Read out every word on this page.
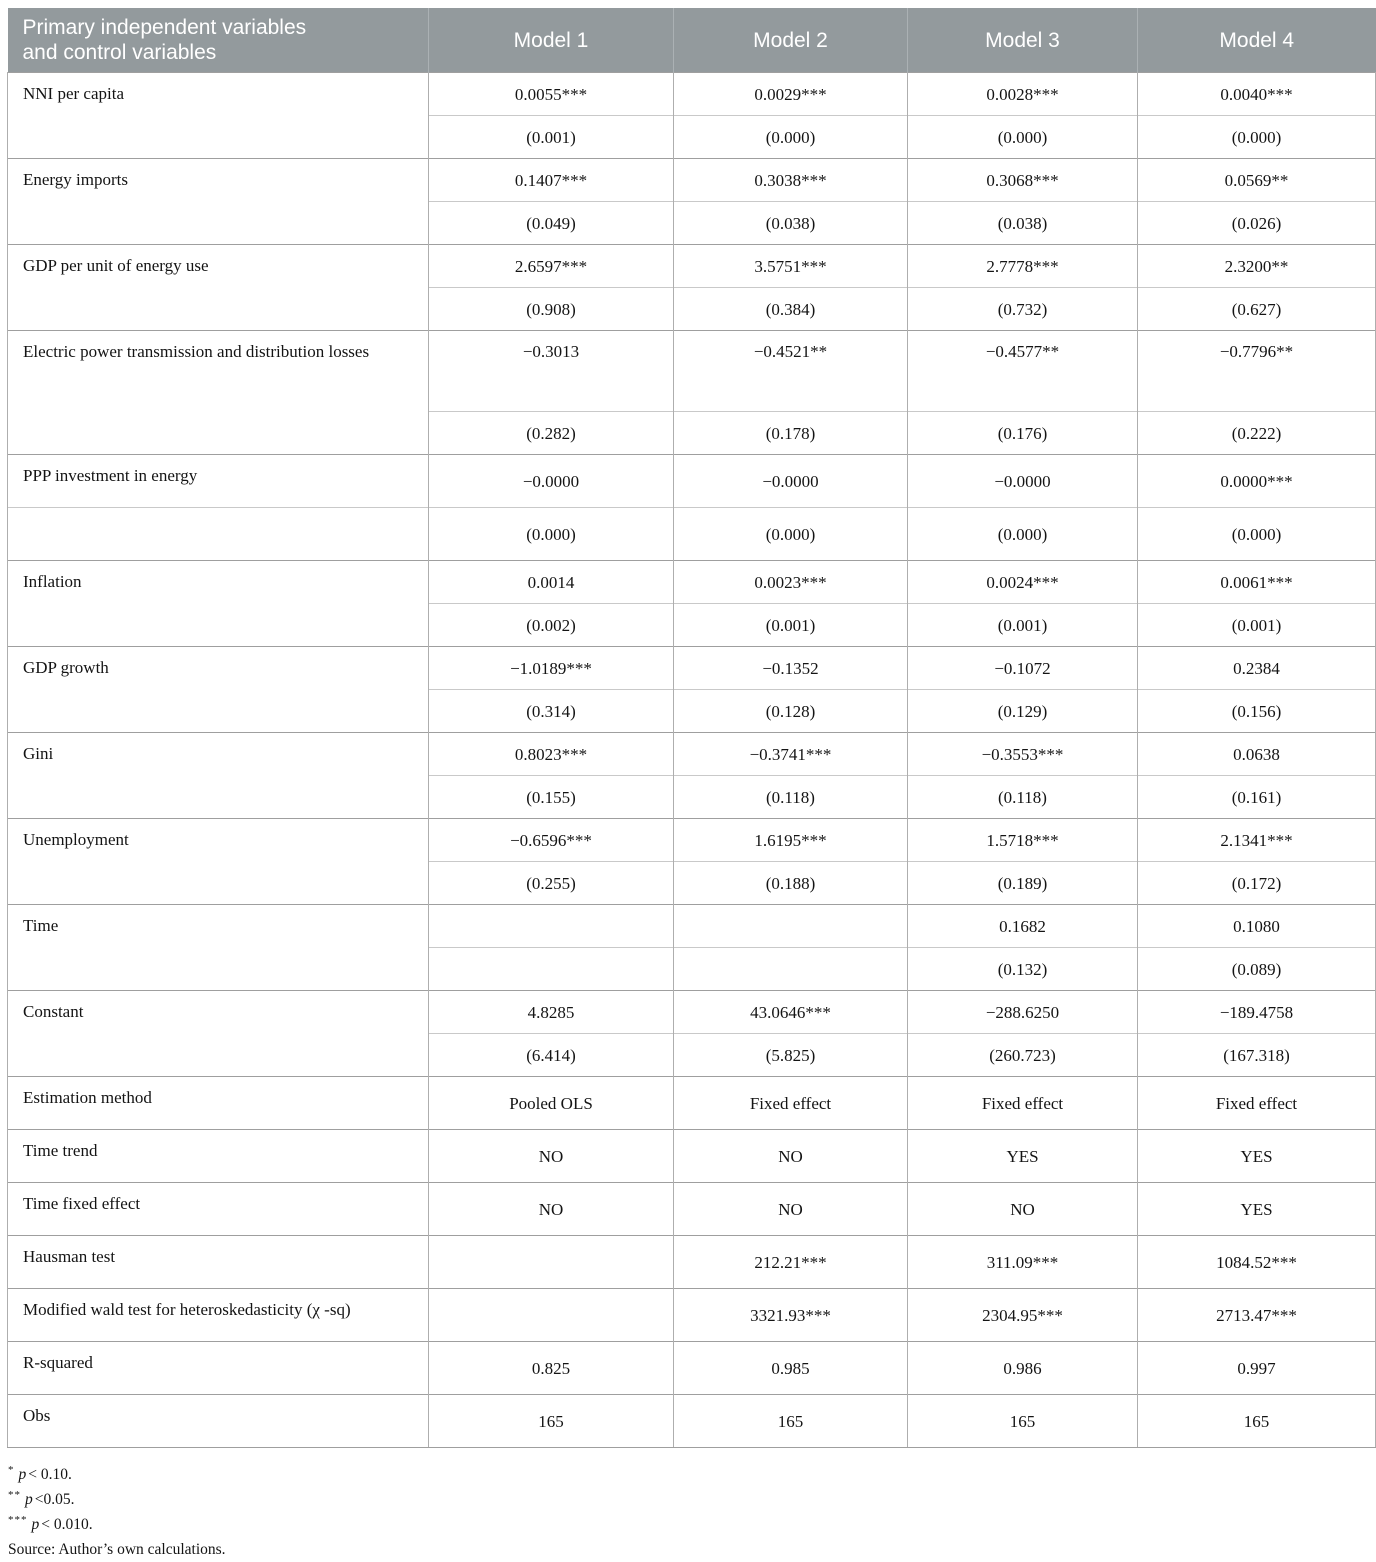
Primary independent variables
and control variables	Model 1	Model 2	Model 3	Model 4
NNI per capita	0.0055***	0.0029***	0.0028***	0.0040***
	(0.001)	(0.000)	(0.000)	(0.000)
Energy imports	0.1407***	0.3038***	0.3068***	0.0569**
	(0.049)	(0.038)	(0.038)	(0.026)
GDP per unit of energy use	2.6597***	3.5751***	2.7778***	2.3200**
	(0.908)	(0.384)	(0.732)	(0.627)
Electric power transmission and distribution losses	−0.3013	−0.4521**	−0.4577**	−0.7796**
	(0.282)	(0.178)	(0.176)	(0.222)
PPP investment in energy	−0.0000	−0.0000	−0.0000	0.0000***
	(0.000)	(0.000)	(0.000)	(0.000)
Inflation	0.0014	0.0023***	0.0024***	0.0061***
	(0.002)	(0.001)	(0.001)	(0.001)
GDP growth	−1.0189***	−0.1352	−0.1072	0.2384
	(0.314)	(0.128)	(0.129)	(0.156)
Gini	0.8023***	−0.3741***	−0.3553***	0.0638
	(0.155)	(0.118)	(0.118)	(0.161)
Unemployment	−0.6596***	1.6195***	1.5718***	2.1341***
	(0.255)	(0.188)	(0.189)	(0.172)
Time			0.1682	0.1080
			(0.132)	(0.089)
Constant	4.8285	43.0646***	−288.6250	−189.4758
	(6.414)	(5.825)	(260.723)	(167.318)
Estimation method	Pooled OLS	Fixed effect	Fixed effect	Fixed effect
Time trend	NO	NO	YES	YES
Time fixed effect	NO	NO	NO	YES
Hausman test		212.21***	311.09***	1084.52***
Modified wald test for heteroskedasticity (χ -sq)		3321.93***	2304.95***	2713.47***
R-squared	0.825	0.985	0.986	0.997
Obs	165	165	165	165
* p < 0.10.
** p <0.05.
*** p < 0.010.
Source: Author’s own calculations.
